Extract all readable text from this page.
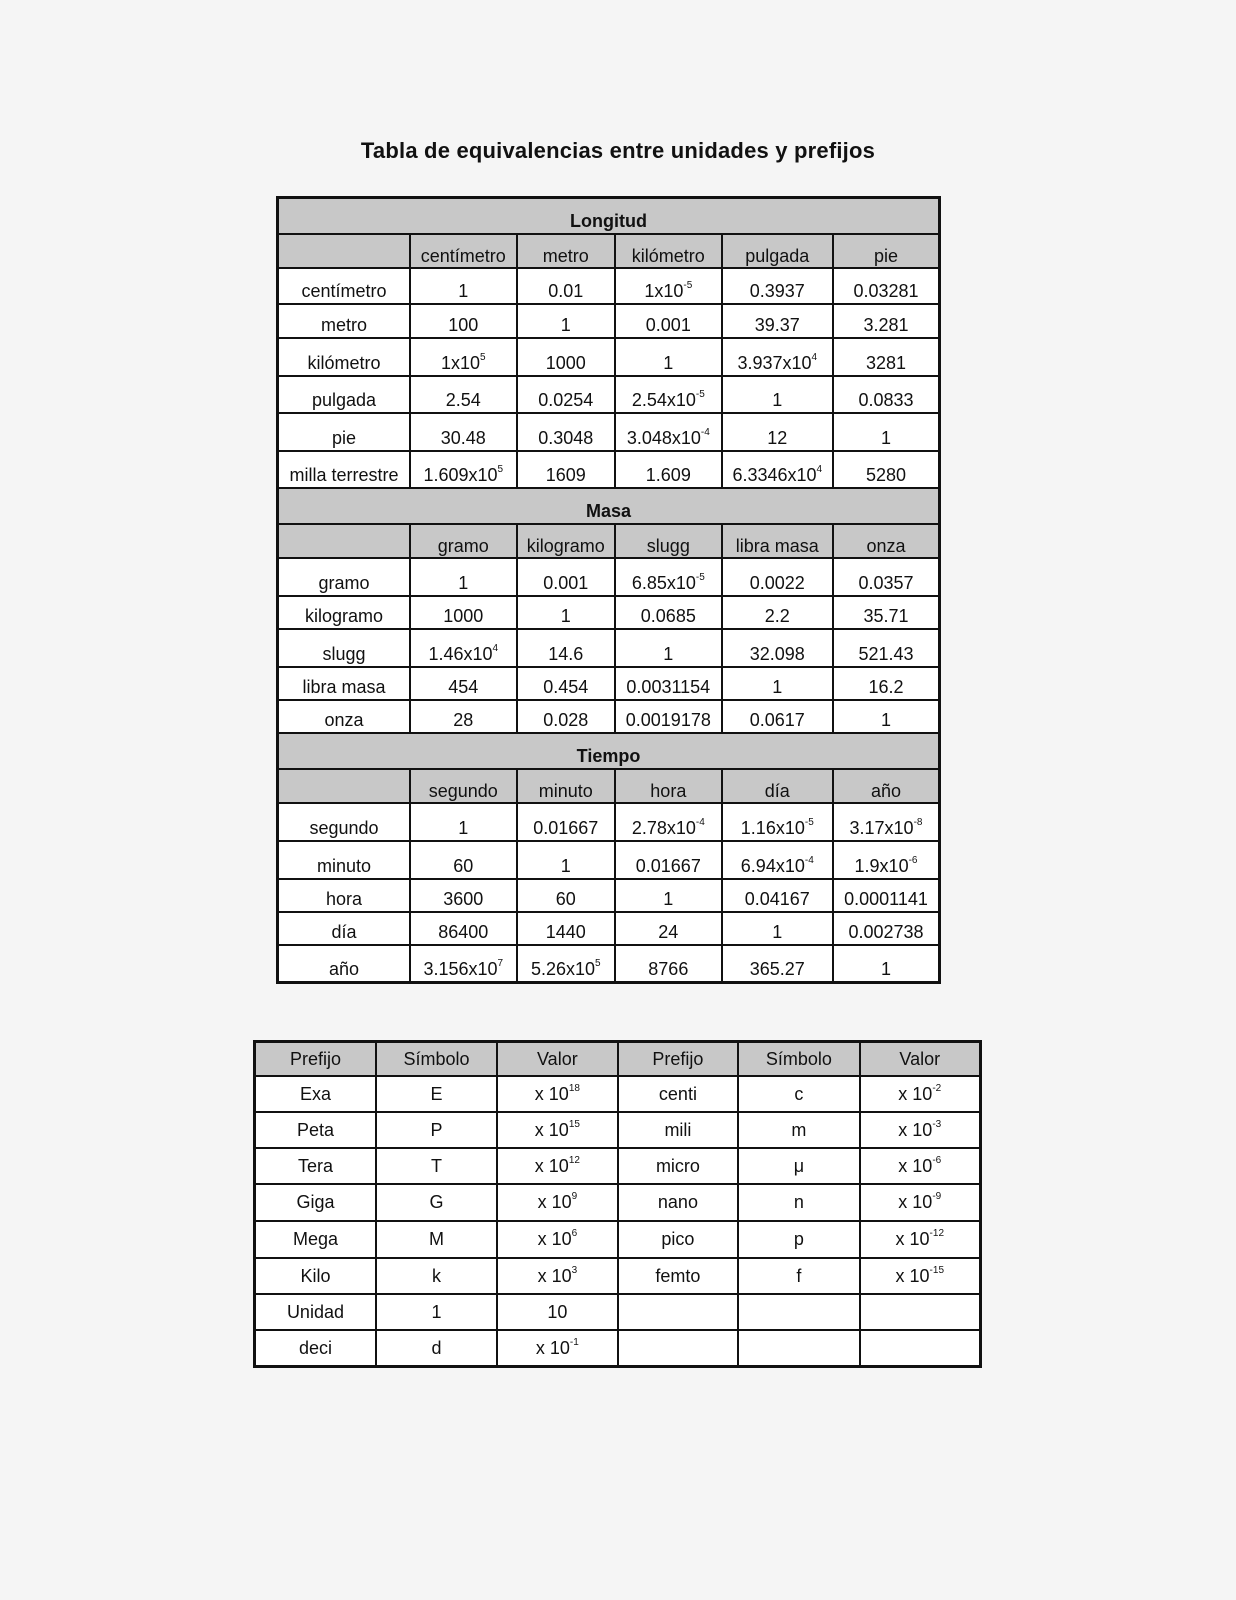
Tabla de equivalencias entre unidades y prefijos
Longitud					
	centímetro	metro	kilómetro	pulgada	pie
centímetro	1	0.01	$1x10^{-5}$	0.3937	0.03281
metro	100	1	0.001	39.37	3.281
kilómetro	$1x10^5$	1000	1	$3.937x10^4$	3281
pulgada	2.54	0.0254	$2.54x10^{-5}$	1	0.0833
pie	30.48	0.3048	$3.048x10^{-4}$	12	1
milla terrestre	$1.609x10^5$	1609	1.609	$6.3346x10^4$	5280
Masa					
	gramo	kilogramo	slugg	libra masa	onza
gramo	1	0.001	$6.85x10^{-5}$	0.0022	0.0357
kilogramo	1000	1	0.0685	2.2	35.71
slugg	$1.46x10^4$	14.6	1	32.098	521.43
libra masa	454	0.454	0.0031154	1	16.2
onza	28	0.028	0.0019178	0.0617	1
Tiempo					
	segundo	minuto	hora	día	año
segundo	1	0.01667	$2.78x10^{-4}$	$1.16x10^{-5}$	$3.17x10^{-8}$
minuto	60	1	0.01667	$6.94x10^{-4}$	$1.9x10^{-6}$
hora	3600	60	1	0.04167	0.0001141
día	86400	1440	24	1	0.002738
año	$3.156x10^7$	$5.26x10^5$	8766	365.27	1
Prefijo	Símbolo	Valor	Prefijo	Símbolo	Valor
Exa	E	x $10^{18}$	centi	c	x $10^{-2}$
Peta	P	x $10^{15}$	mili	m	x $10^{-3}$
Tera	T	x $10^{12}$	micro	μ	x $10^{-6}$
Giga	G	x $10^9$	nano	n	x $10^{-9}$
Mega	M	x $10^6$	pico	p	x $10^{-12}$
Kilo	k	x $10^3$	femto	f	x $10^{-15}$
Unidad	1	10			
deci	d	x $10^{-1}$			
